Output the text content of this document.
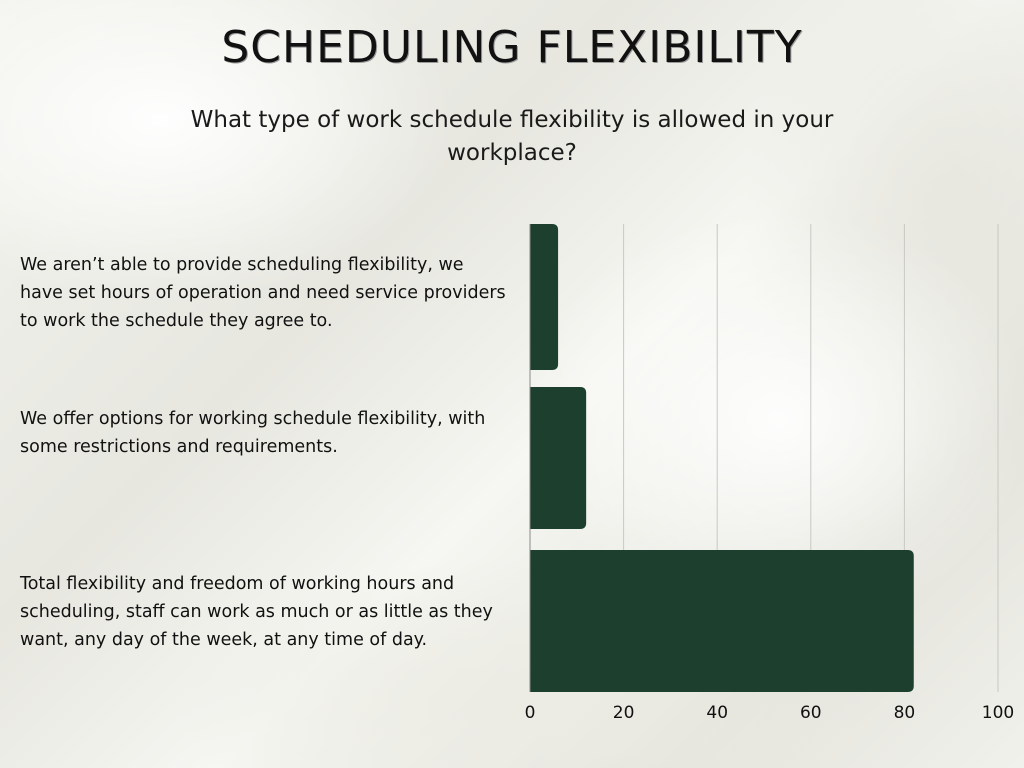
SCHEDULING FLEXIBILITY
What type of work schedule flexibility is allowed in your workplace?
We aren’t able to provide scheduling flexibility, we have set hours of operation and need service providers to work the schedule they agree to.
We offer options for working schedule flexibility, with some restrictions and requirements.
Total flexibility and freedom of working hours and scheduling, staff can work as much or as little as they want, any day of the week, at any time of day.
0	20	40	60	80	100
